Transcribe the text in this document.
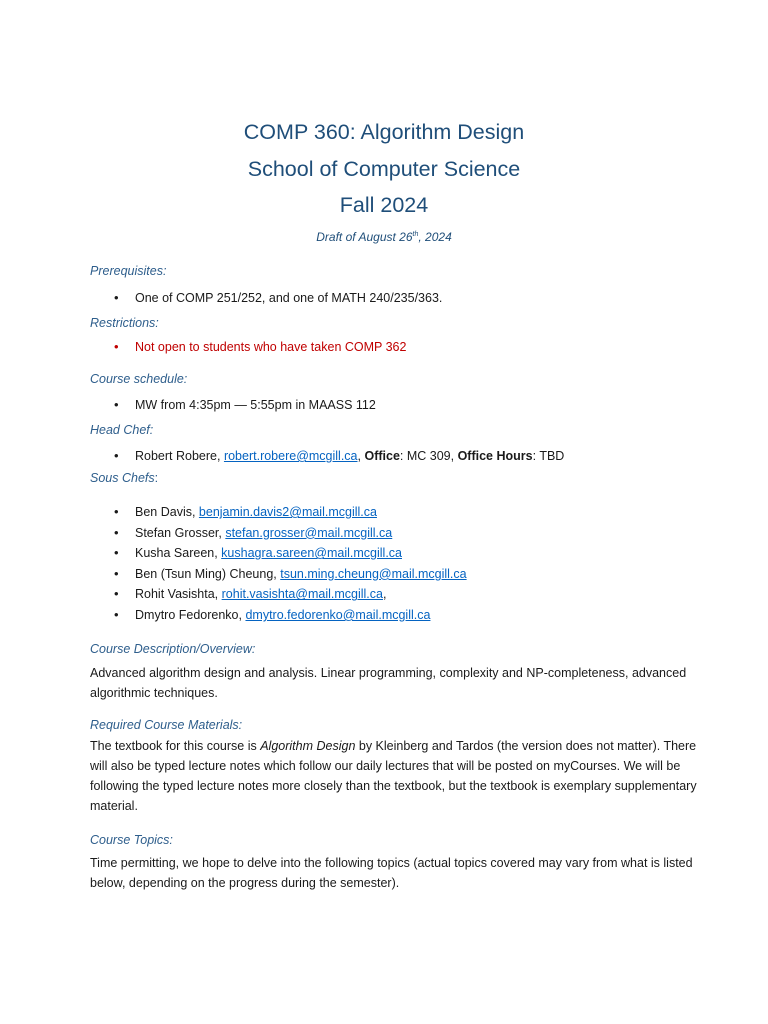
COMP 360: Algorithm Design
School of Computer Science
Fall 2024
Draft of August 26th, 2024

Prerequisites:

• One of COMP 251/252, and one of MATH 240/235/363.

Restrictions:

• Not open to students who have taken COMP 362

Course schedule:

• MW from 4:35pm — 5:55pm in MAASS 112

Head Chef:

• Robert Robere, robert.robere@mcgill.ca, Office: MC 309, Office Hours: TBD

Sous Chefs:

• Ben Davis, benjamin.davis2@mail.mcgill.ca
• Stefan Grosser, stefan.grosser@mail.mcgill.ca
• Kusha Sareen, kushagra.sareen@mail.mcgill.ca
• Ben (Tsun Ming) Cheung, tsun.ming.cheung@mail.mcgill.ca
• Rohit Vasishta, rohit.vasishta@mail.mcgill.ca,
• Dmytro Fedorenko, dmytro.fedorenko@mail.mcgill.ca

Course Description/Overview:

Advanced algorithm design and analysis. Linear programming, complexity and NP-completeness, advanced algorithmic techniques.

Required Course Materials:

The textbook for this course is Algorithm Design by Kleinberg and Tardos (the version does not matter). There will also be typed lecture notes which follow our daily lectures that will be posted on myCourses. We will be following the typed lecture notes more closely than the textbook, but the textbook is exemplary supplementary material.

Course Topics:

Time permitting, we hope to delve into the following topics (actual topics covered may vary from what is listed below, depending on the progress during the semester).
